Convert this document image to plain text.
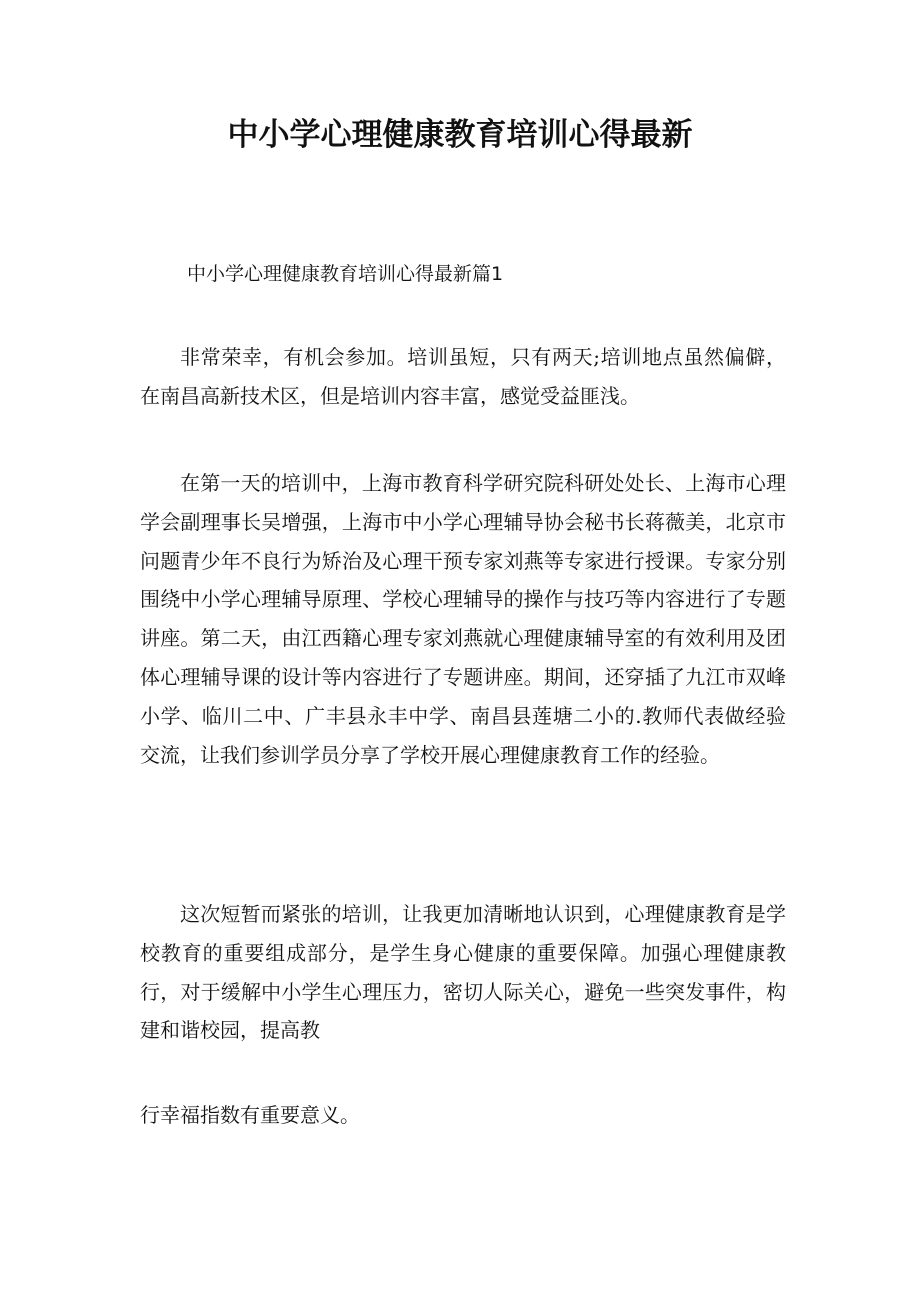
中小学心理健康教育培训心得最新

中小学心理健康教育培训心得最新篇1

非常荣幸，有机会参加。培训虽短，只有两天;培训地点虽然偏僻，在南昌高新技术区，但是培训内容丰富，感觉受益匪浅。

在第一天的培训中，上海市教育科学研究院科研处处长、上海市心理学会副理事长吴增强，上海市中小学心理辅导协会秘书长蒋薇美，北京市问题青少年不良行为矫治及心理干预专家刘燕等专家进行授课。专家分别围绕中小学心理辅导原理、学校心理辅导的操作与技巧等内容进行了专题讲座。第二天，由江西籍心理专家刘燕就心理健康辅导室的有效利用及团体心理辅导课的设计等内容进行了专题讲座。期间，还穿插了九江市双峰小学、临川二中、广丰县永丰中学、南昌县莲塘二小的.教师代表做经验交流，让我们参训学员分享了学校开展心理健康教育工作的经验。

这次短暂而紧张的培训，让我更加清晰地认识到，心理健康教育是学校教育的重要组成部分，是学生身心健康的重要保障。加强心理健康教行，对于缓解中小学生心理压力，密切人际关心，避免一些突发事件，构建和谐校园，提高教

行幸福指数有重要意义。
